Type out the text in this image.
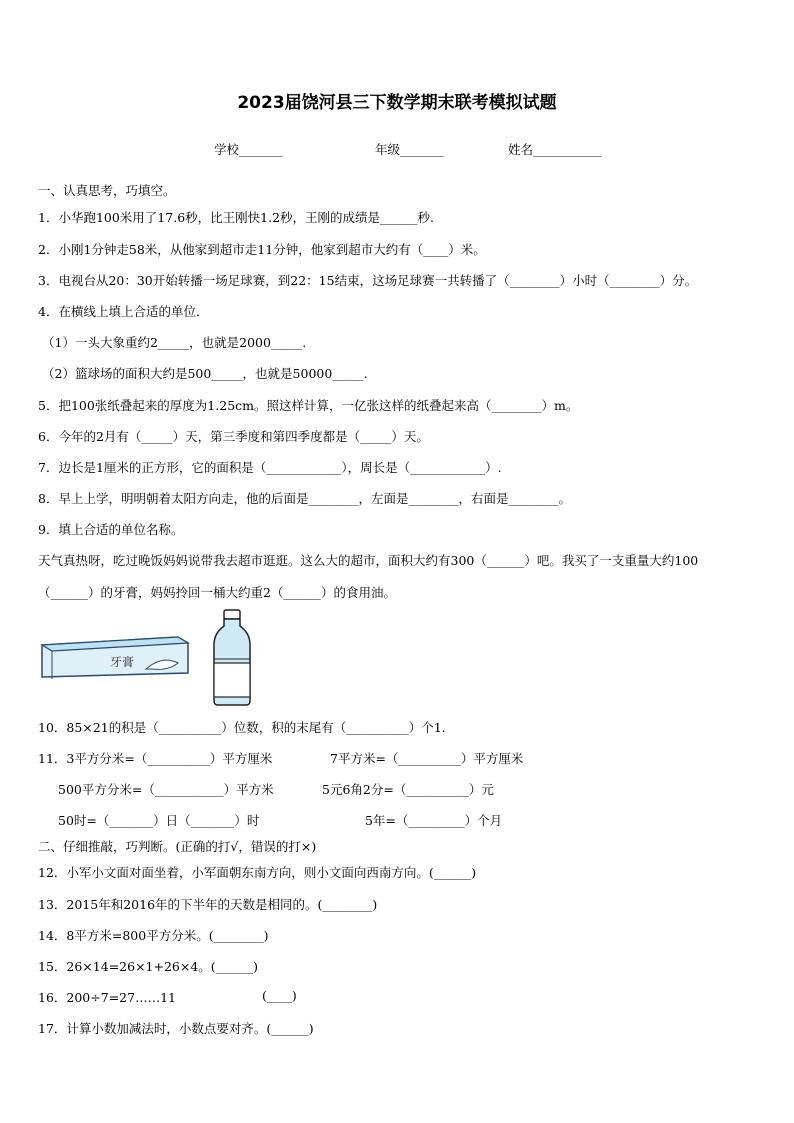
2023届饶河县三下数学期末联考模拟试题
学校_______	年级_______	姓名___________
一、认真思考，巧填空。
1．小华跑100米用了17.6秒，比王刚快1.2秒，王刚的成绩是______秒.
2．小刚1分钟走58米，从他家到超市走11分钟，他家到超市大约有（____）米。
3．电视台从20：30开始转播一场足球赛，到22：15结束，这场足球赛一共转播了（________）小时（________）分。
4．在横线上填上合适的单位．
（1）一头大象重约2_____，也就是2000_____.
（2）篮球场的面积大约是500_____，也就是50000_____.
5．把100张纸叠起来的厚度为1.25cm。照这样计算，一亿张这样的纸叠起来高（________）m。
6．今年的2月有（_____）天，第三季度和第四季度都是（_____）天。
7．边长是1厘米的正方形，它的面积是（____________），周长是（____________）.
8．早上上学，明明朝着太阳方向走，他的后面是________，左面是________，右面是________。
9．填上合适的单位名称。
天气真热呀，吃过晚饭妈妈说带我去超市逛逛。这么大的超市，面积大约有300（______）吧。我买了一支重量大约100
（______）的牙膏，妈妈拎回一桶大约重2（______）的食用油。
牙膏
10．85×21的积是（__________）位数，积的末尾有（__________）个1.
11．3平方分米=（__________）平方厘米	7平方米=（__________）平方厘米
500平方分米=（___________）平方米	5元6角2分=（__________）元
50时=（_______）日（_______）时	5年=（_________）个月
二、仔细推敲，巧判断。(正确的打√，错误的打×)
12．小军小文面对面坐着，小军面朝东南方向，则小文面向西南方向。(______)
13．2015年和2016年的下半年的天数是相同的。(________)
14．8平方米=800平方分米。(________)
15．26×14=26×1+26×4。(______)
16．200÷7=27……11	(____)
17．计算小数加减法时，小数点要对齐。(______)
